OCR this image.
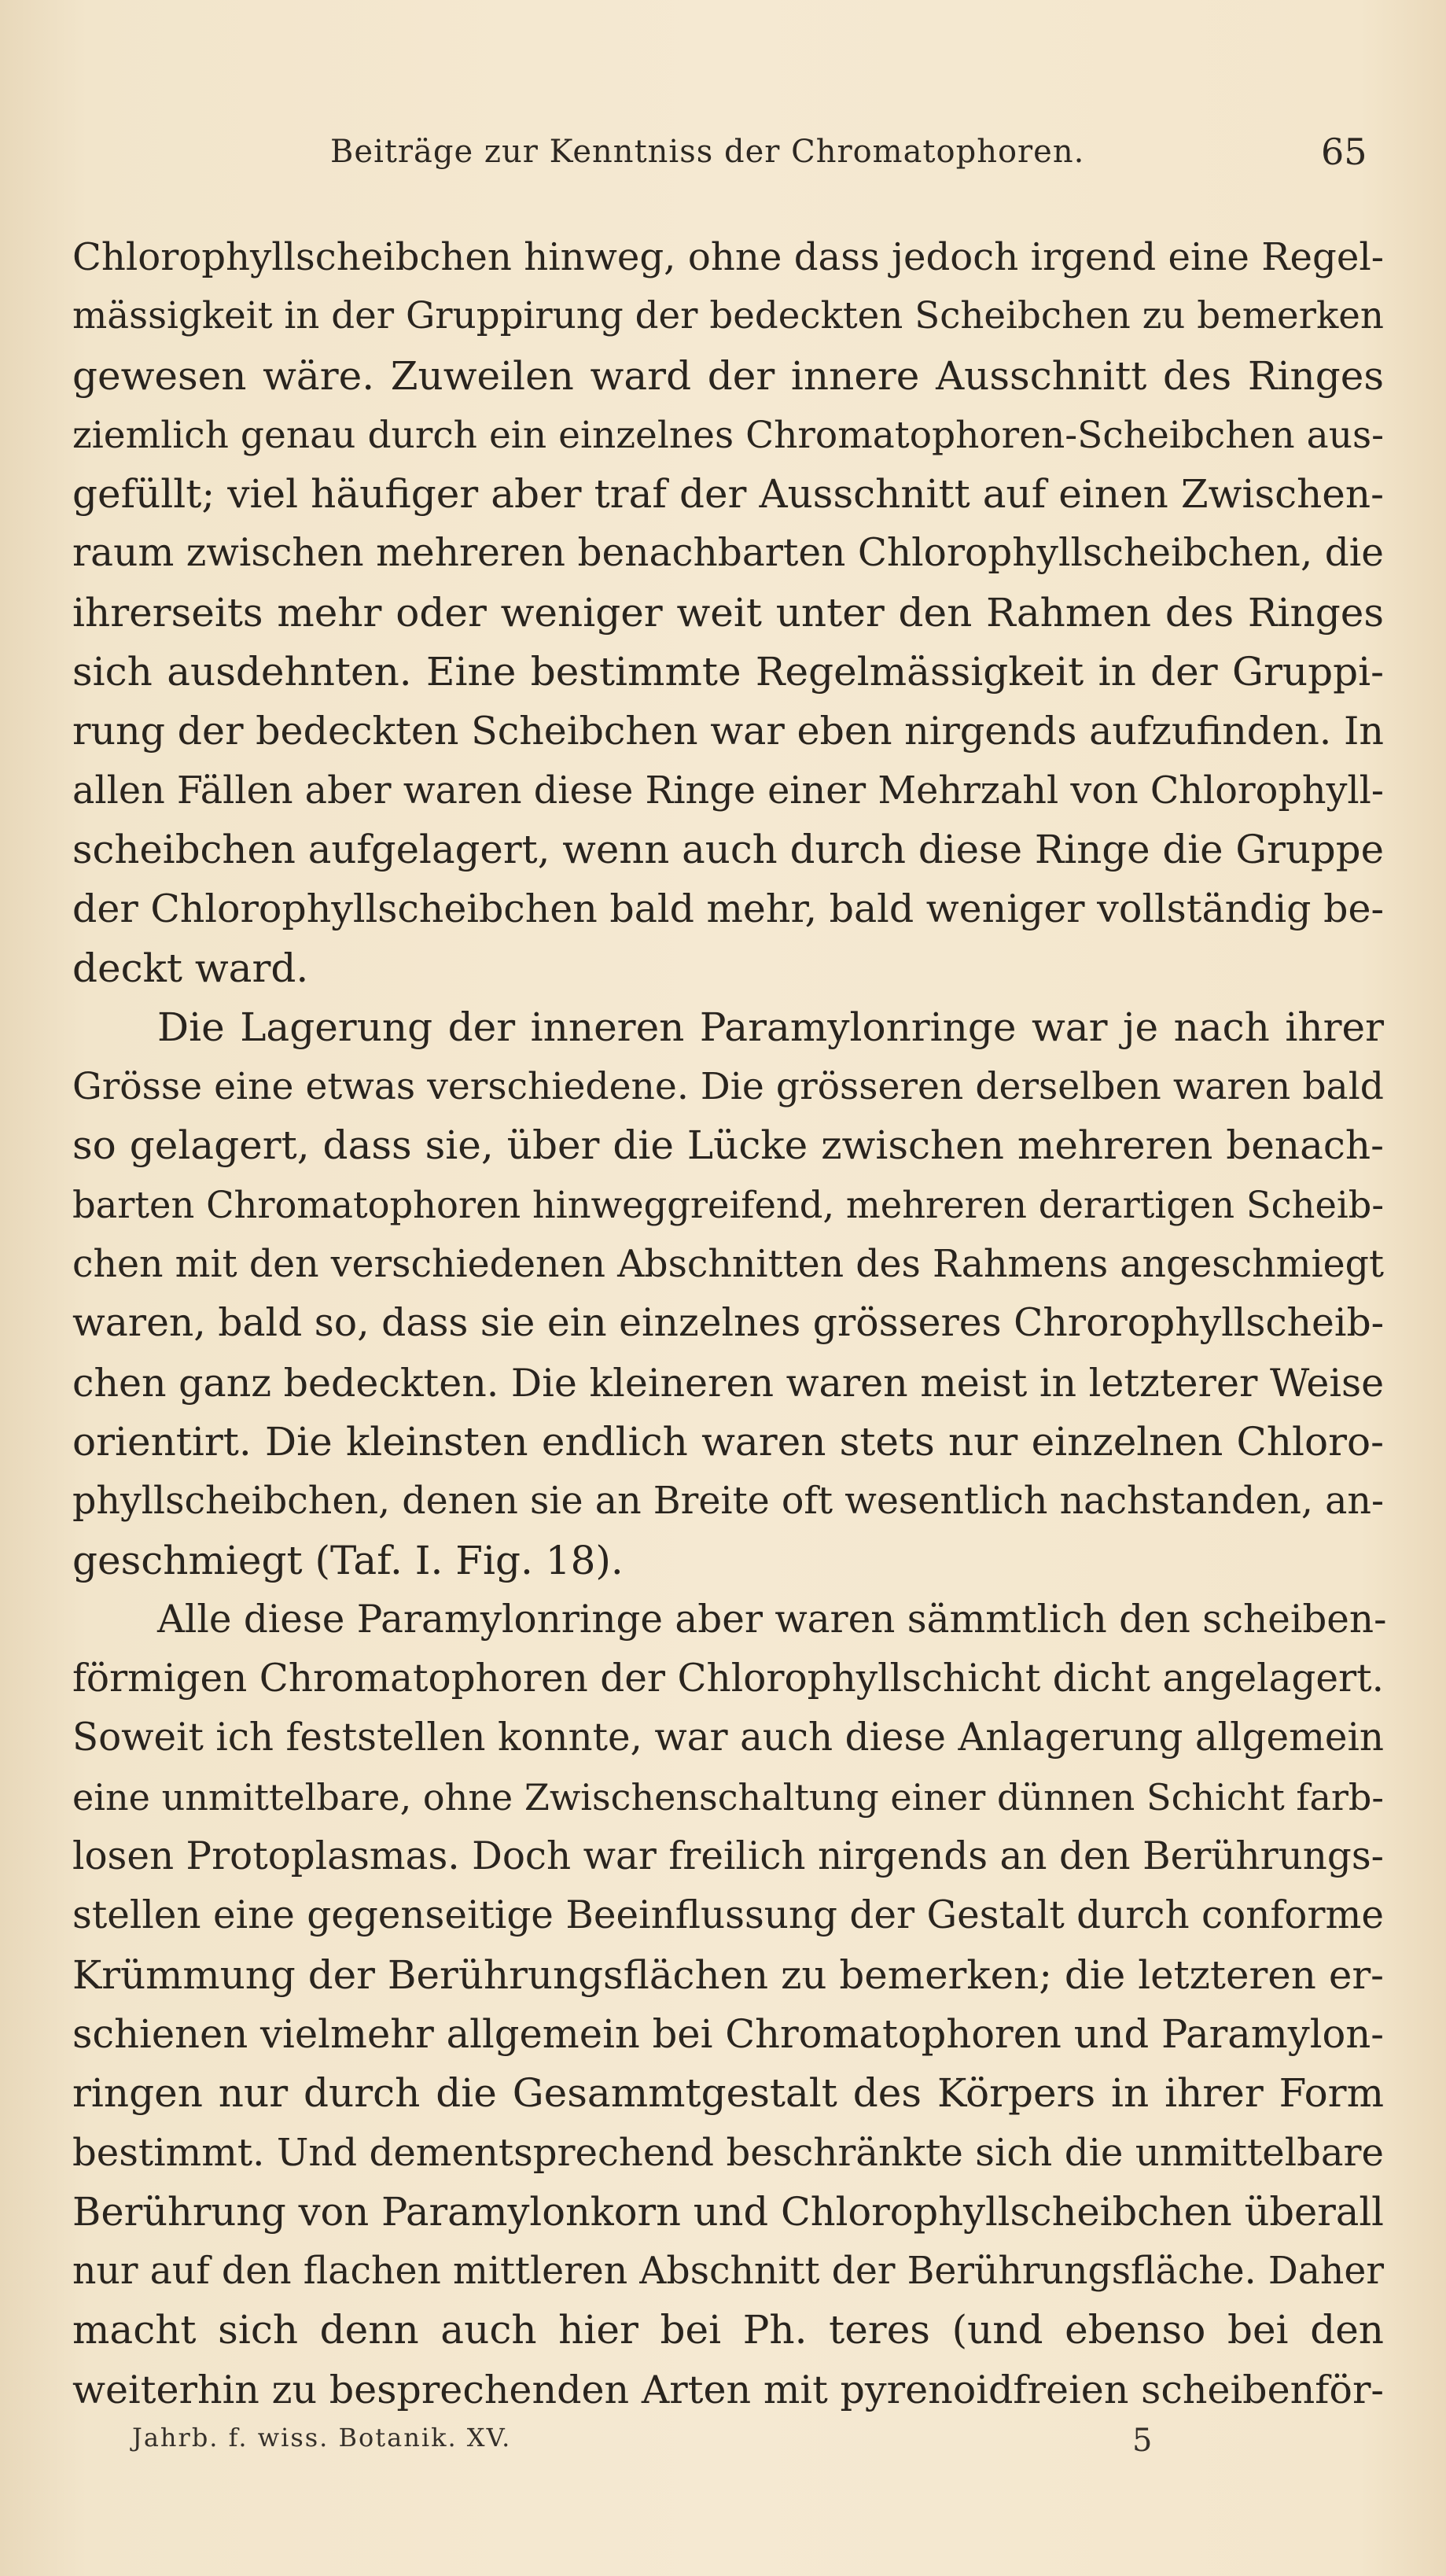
Beiträge zur Kenntniss der Chromatophoren.	65
Chlorophyllscheibchen hinweg, ohne dass jedoch irgend eine Regel-
mässigkeit in der Gruppirung der bedeckten Scheibchen zu bemerken
gewesen wäre. Zuweilen ward der innere Ausschnitt des Ringes
ziemlich genau durch ein einzelnes Chromatophoren-Scheibchen aus-
gefüllt; viel häufiger aber traf der Ausschnitt auf einen Zwischen-
raum zwischen mehreren benachbarten Chlorophyllscheibchen, die
ihrerseits mehr oder weniger weit unter den Rahmen des Ringes
sich ausdehnten. Eine bestimmte Regelmässigkeit in der Gruppi-
rung der bedeckten Scheibchen war eben nirgends aufzufinden. In
allen Fällen aber waren diese Ringe einer Mehrzahl von Chlorophyll-
scheibchen aufgelagert, wenn auch durch diese Ringe die Gruppe
der Chlorophyllscheibchen bald mehr, bald weniger vollständig be-
deckt ward.
Die Lagerung der inneren Paramylonringe war je nach ihrer
Grösse eine etwas verschiedene. Die grösseren derselben waren bald
so gelagert, dass sie, über die Lücke zwischen mehreren benach-
barten Chromatophoren hinweggreifend, mehreren derartigen Scheib-
chen mit den verschiedenen Abschnitten des Rahmens angeschmiegt
waren, bald so, dass sie ein einzelnes grösseres Chrorophyllscheib-
chen ganz bedeckten. Die kleineren waren meist in letzterer Weise
orientirt. Die kleinsten endlich waren stets nur einzelnen Chloro-
phyllscheibchen, denen sie an Breite oft wesentlich nachstanden, an-
geschmiegt (Taf. I. Fig. 18).
Alle diese Paramylonringe aber waren sämmtlich den scheiben-
förmigen Chromatophoren der Chlorophyllschicht dicht angelagert.
Soweit ich feststellen konnte, war auch diese Anlagerung allgemein
eine unmittelbare, ohne Zwischenschaltung einer dünnen Schicht farb-
losen Protoplasmas. Doch war freilich nirgends an den Berührungs-
stellen eine gegenseitige Beeinflussung der Gestalt durch conforme
Krümmung der Berührungsflächen zu bemerken; die letzteren er-
schienen vielmehr allgemein bei Chromatophoren und Paramylon-
ringen nur durch die Gesammtgestalt des Körpers in ihrer Form
bestimmt. Und dementsprechend beschränkte sich die unmittelbare
Berührung von Paramylonkorn und Chlorophyllscheibchen überall
nur auf den flachen mittleren Abschnitt der Berührungsfläche. Daher
macht sich denn auch hier bei Ph. teres (und ebenso bei den
weiterhin zu besprechenden Arten mit pyrenoidfreien scheibenför-
Jahrb. f. wiss. Botanik. XV.	5
